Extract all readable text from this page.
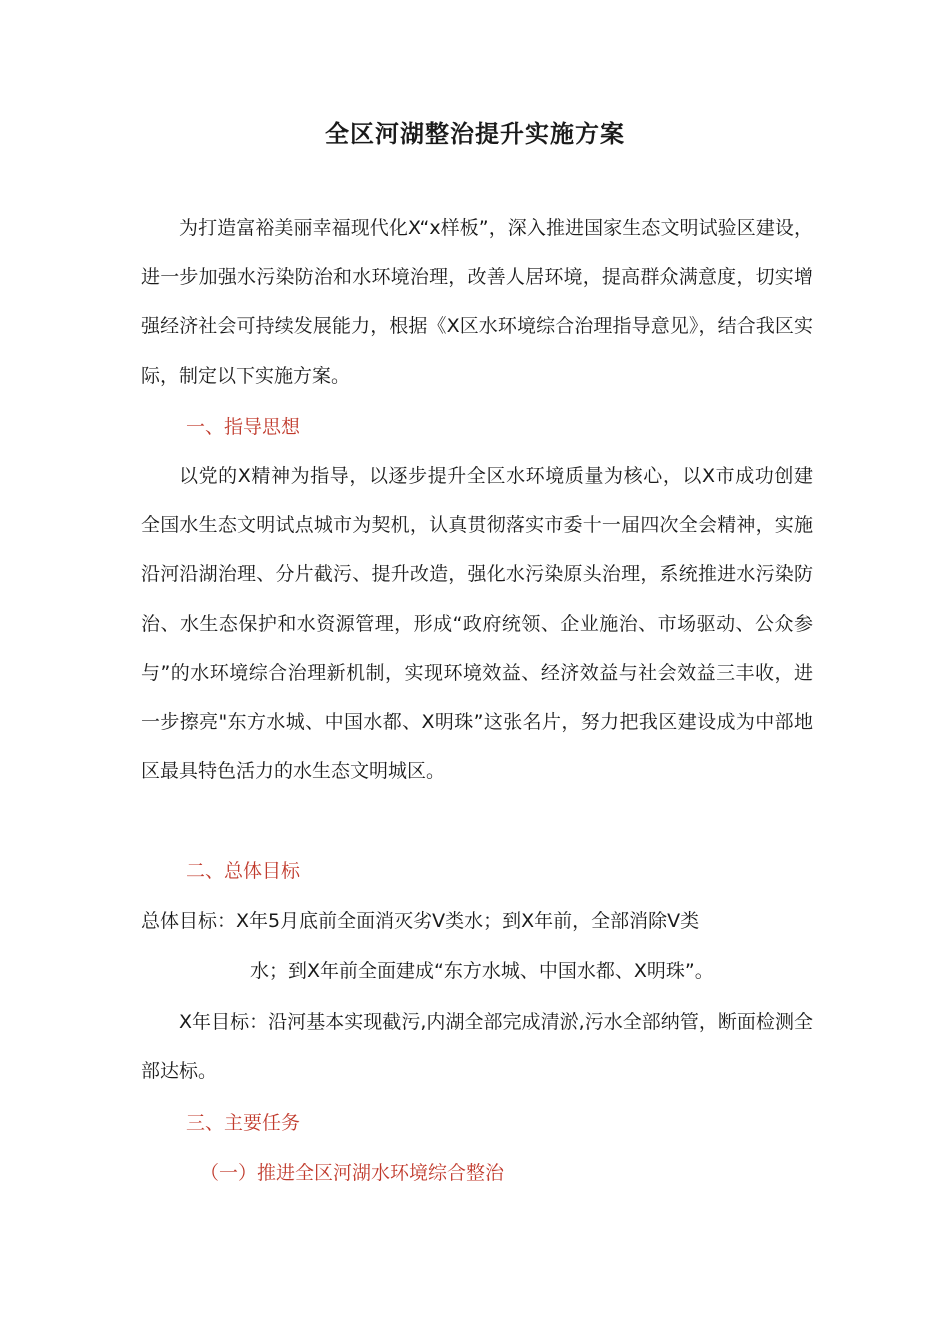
全区河湖整治提升实施方案

为打造富裕美丽幸福现代化X“x样板”，深入推进国家生态文明试验区建设，进一步加强水污染防治和水环境治理，改善人居环境，提高群众满意度，切实增强经济社会可持续发展能力，根据《X区水环境综合治理指导意见》，结合我区实际，制定以下实施方案。

一、指导思想

以党的X精神为指导，以逐步提升全区水环境质量为核心，以X市成功创建全国水生态文明试点城市为契机，认真贯彻落实市委十一届四次全会精神，实施沿河沿湖治理、分片截污、提升改造，强化水污染原头治理，系统推进水污染防治、水生态保护和水资源管理，形成“政府统领、企业施治、市场驱动、公众参与”的水环境综合治理新机制，实现环境效益、经济效益与社会效益三丰收，进一步擦亮"东方水城、中国水都、X明珠”这张名片，努力把我区建设成为中部地区最具特色活力的水生态文明城区。

二、总体目标

总体目标：X年5月底前全面消灭劣V类水；到X年前，全部消除V类

水；到X年前全面建成“东方水城、中国水都、X明珠”。

X年目标：沿河基本实现截污,内湖全部完成清淤,污水全部纳管，断面检测全部达标。

三、主要任务

（一）推进全区河湖水环境综合整治
